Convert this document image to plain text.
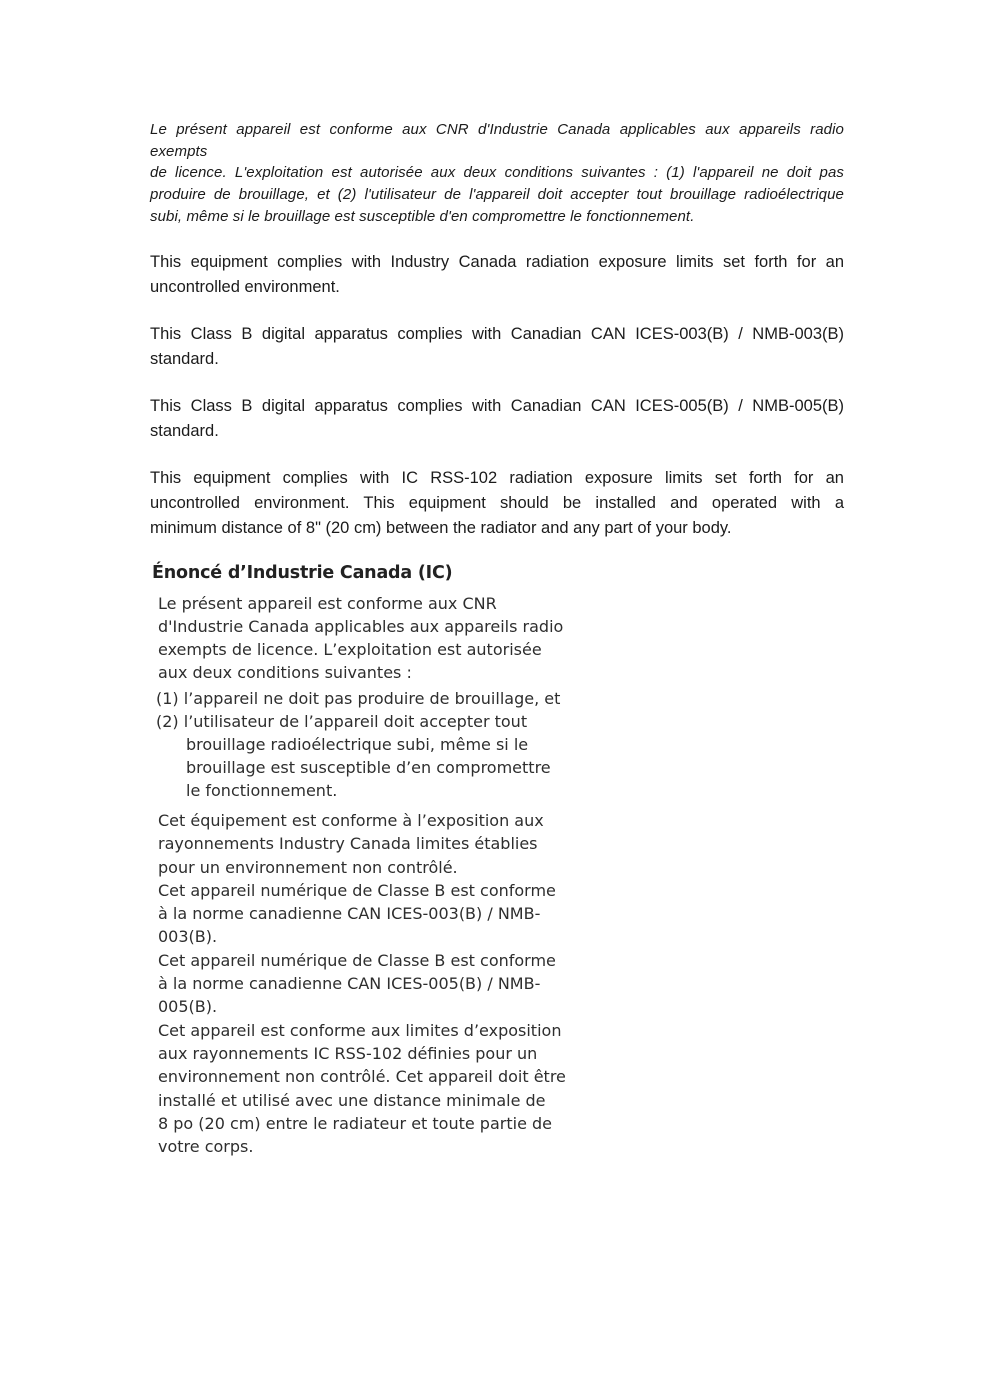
Le présent appareil est conforme aux CNR d'Industrie Canada applicables aux appareils radio exempts
de licence. L'exploitation est autorisée aux deux conditions suivantes : (1) l'appareil ne doit pas
produire de brouillage, et (2) l'utilisateur de l'appareil doit accepter tout brouillage radioélectrique
subi, même si le brouillage est susceptible d'en compromettre le fonctionnement.
This equipment complies with Industry Canada radiation exposure limits set forth for an
uncontrolled environment.
This Class B digital apparatus complies with Canadian CAN ICES-003(B) / NMB-003(B)
standard.
This Class B digital apparatus complies with Canadian CAN ICES-005(B) / NMB-005(B)
standard.
This equipment complies with IC RSS-102 radiation exposure limits set forth for an
uncontrolled environment. This equipment should be installed and operated with a
minimum distance of 8" (20 cm) between the radiator and any part of your body.
Énoncé d’Industrie Canada (IC)
Le présent appareil est conforme aux CNR
d'Industrie Canada applicables aux appareils radio
exempts de licence. L’exploitation est autorisée
aux deux conditions suivantes :
(1) l’appareil ne doit pas produire de brouillage, et
(2) l’utilisateur de l’appareil doit accepter tout
brouillage radioélectrique subi, même si le
brouillage est susceptible d’en compromettre
le fonctionnement.
Cet équipement est conforme à l’exposition aux
rayonnements Industry Canada limites établies
pour un environnement non contrôlé.
Cet appareil numérique de Classe B est conforme
à la norme canadienne CAN ICES-003(B) / NMB-
003(B).
Cet appareil numérique de Classe B est conforme
à la norme canadienne CAN ICES-005(B) / NMB-
005(B).
Cet appareil est conforme aux limites d’exposition
aux rayonnements IC RSS-102 définies pour un
environnement non contrôlé. Cet appareil doit être
installé et utilisé avec une distance minimale de
8 po (20 cm) entre le radiateur et toute partie de
votre corps.
